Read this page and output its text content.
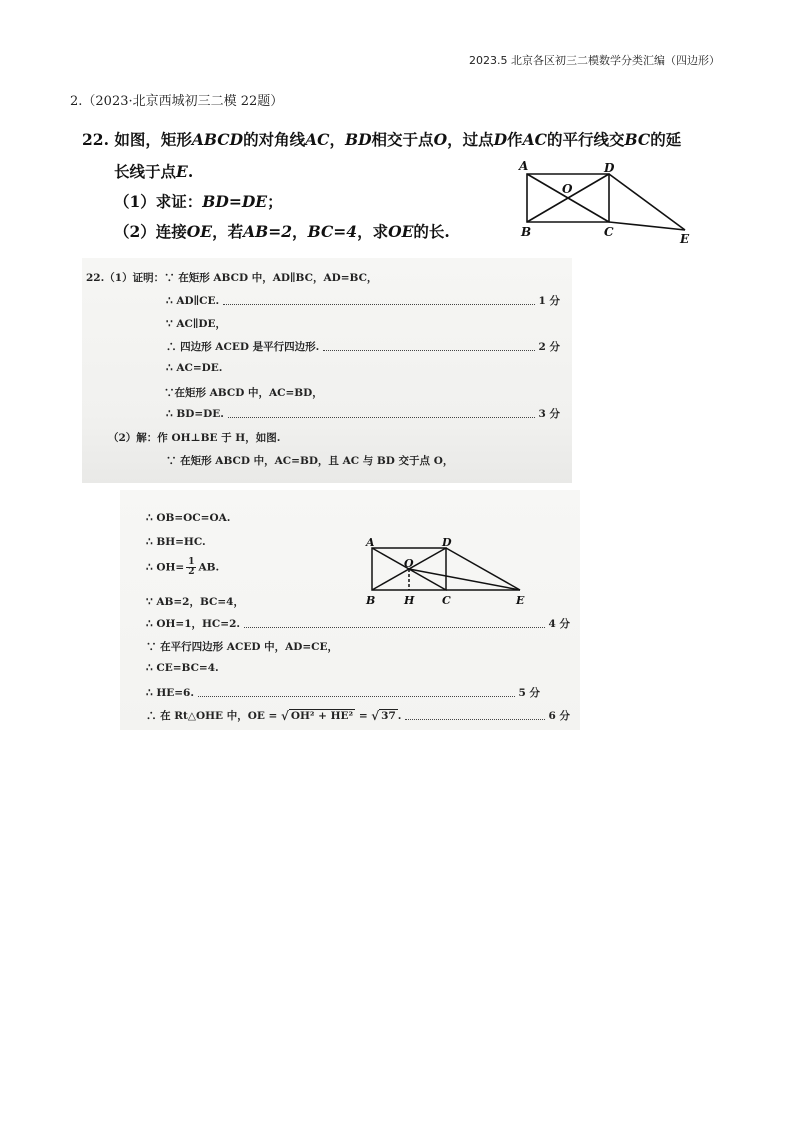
2023.5 北京各区初三二模数学分类汇编（四边形）
2.（2023·北京西城初三二模 22题）
22. 如图，矩形ABCD的对角线AC，BD相交于点O，过点D作AC的平行线交BC的延
长线于点E.
（1）求证：BD=DE；
（2）连接OE，若AB=2，BC=4，求OE的长.
A	D
O
B	C	E
22.（1）证明：∵ 在矩形 ABCD 中，AD∥BC，AD=BC，
∴ AD∥CE.	1 分
∵ AC∥DE，
∴ 四边形 ACED 是平行四边形.	2 分
∴ AC=DE.
∵在矩形 ABCD 中，AC=BD，
∴ BD=DE.	3 分
（2）解：作 OH⊥BE 于 H，如图.
∵ 在矩形 ABCD 中，AC=BD，且 AC 与 BD 交于点 O，
∴ OB=OC=OA.
∴ BH=HC.
∴ $OH= \frac{1}{2}$ AB.
∵ AB=2，BC=4，
∴ OH=1，HC=2.	4 分
∵ 在平行四边形 ACED 中，AD=CE，
∴ CE=BC=4.
∴ HE=6.	5 分
∴ 在 Rt△OHE 中，OE =
√ OH² + HE²
=
√ 37 .	6 分
A	D
O
B	H	C	E
